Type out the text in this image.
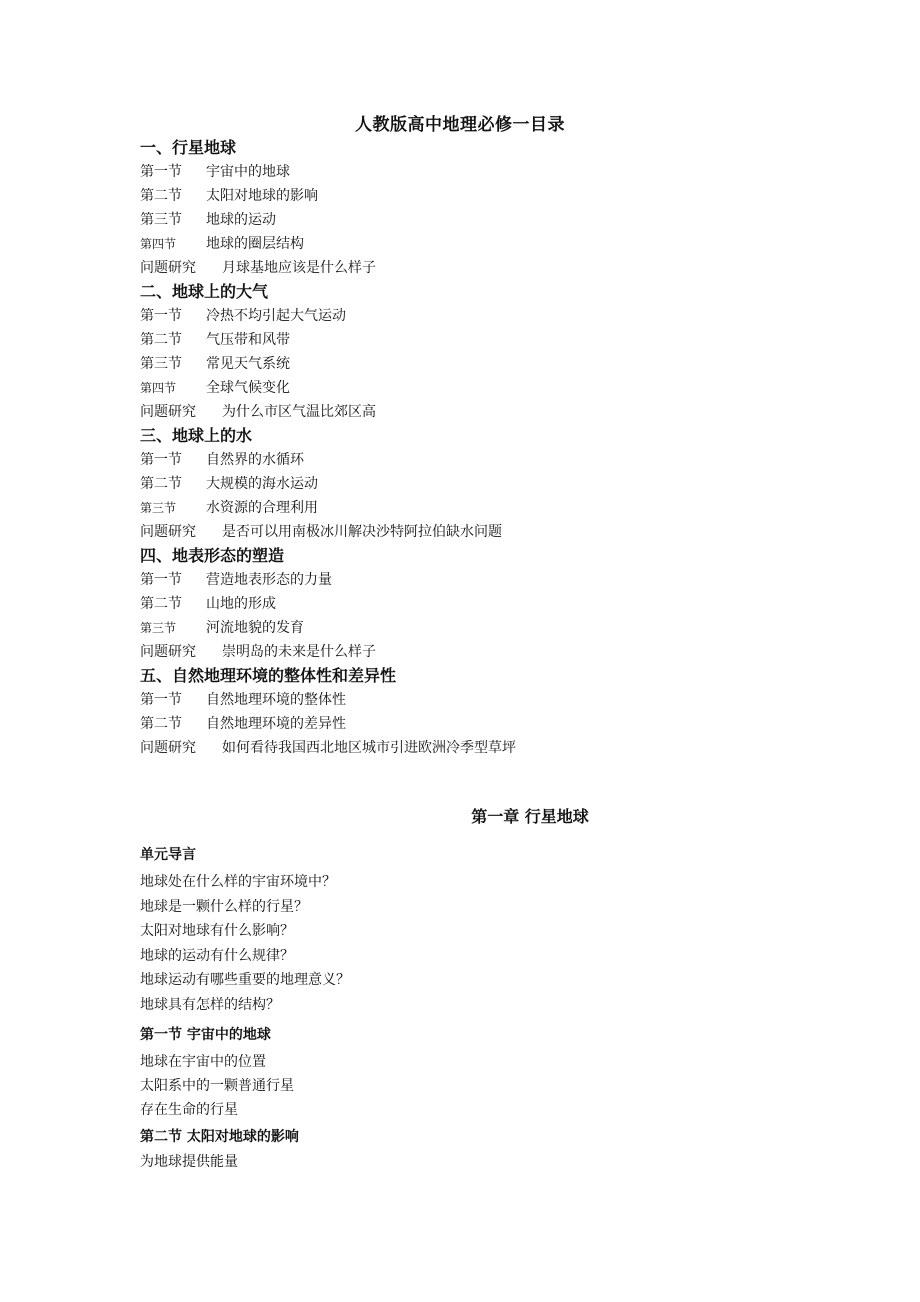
人教版高中地理必修一目录
一、行星地球
第一节 宇宙中的地球
第二节 太阳对地球的影响
第三节 地球的运动
第四节 地球的圈层结构
问题研究 月球基地应该是什么样子
二、地球上的大气
第一节 冷热不均引起大气运动
第二节 气压带和风带
第三节 常见天气系统
第四节 全球气候变化
问题研究 为什么市区气温比郊区高
三、地球上的水
第一节 自然界的水循环
第二节 大规模的海水运动
第三节 水资源的合理利用
问题研究 是否可以用南极冰川解决沙特阿拉伯缺水问题
四、地表形态的塑造
第一节 营造地表形态的力量
第二节 山地的形成
第三节 河流地貌的发育
问题研究 崇明岛的未来是什么样子
五、自然地理环境的整体性和差异性
第一节 自然地理环境的整体性
第二节 自然地理环境的差异性
问题研究 如何看待我国西北地区城市引进欧洲冷季型草坪
第一章 行星地球
单元导言
地球处在什么样的宇宙环境中？
地球是一颗什么样的行星？
太阳对地球有什么影响？
地球的运动有什么规律？
地球运动有哪些重要的地理意义？
地球具有怎样的结构？
第一节 宇宙中的地球
地球在宇宙中的位置
太阳系中的一颗普通行星
存在生命的行星
第二节 太阳对地球的影响
为地球提供能量
